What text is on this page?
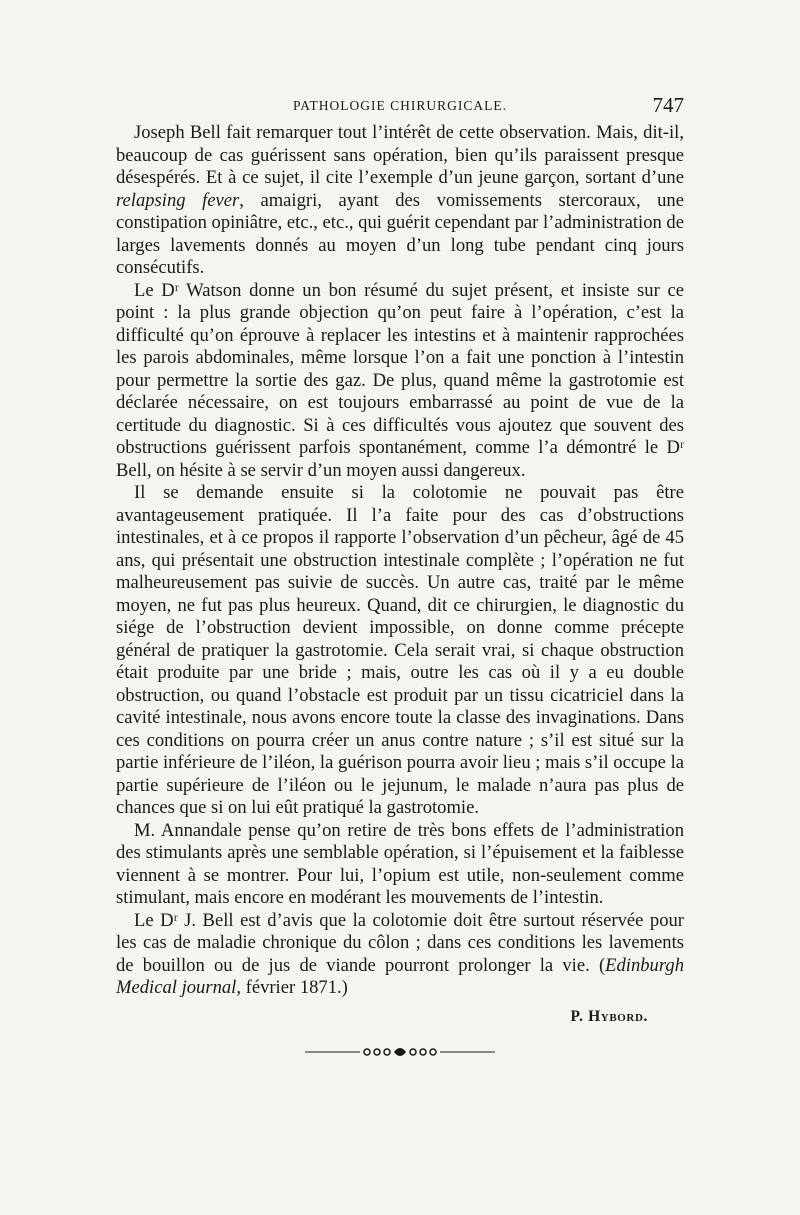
PATHOLOGIE CHIRURGICALE.	747

Joseph Bell fait remarquer tout l’intérêt de cette observation. Mais, dit-il, beaucoup de cas guérissent sans opération, bien qu’ils paraissent presque désespérés. Et à ce sujet, il cite l’exemple d’un jeune garçon, sortant d’une relapsing fever, amaigri, ayant des vomissements stercoraux, une constipation opiniâtre, etc., etc., qui guérit cependant par l’administration de larges lavements donnés au moyen d’un long tube pendant cinq jours consécutifs.

Le Dʳ Watson donne un bon résumé du sujet présent, et insiste sur ce point : la plus grande objection qu’on peut faire à l’opération, c’est la difficulté qu’on éprouve à replacer les intestins et à maintenir rapprochées les parois abdominales, même lorsque l’on a fait une ponction à l’intestin pour permettre la sortie des gaz. De plus, quand même la gastrotomie est déclarée nécessaire, on est toujours embarrassé au point de vue de la certitude du diagnostic. Si à ces difficultés vous ajoutez que souvent des obstructions guérissent parfois spontanément, comme l’a démontré le Dʳ Bell, on hésite à se servir d’un moyen aussi dangereux.

Il se demande ensuite si la colotomie ne pouvait pas être avantageusement pratiquée. Il l’a faite pour des cas d’obstructions intestinales, et à ce propos il rapporte l’observation d’un pêcheur, âgé de 45 ans, qui présentait une obstruction intestinale complète ; l’opération ne fut malheureusement pas suivie de succès. Un autre cas, traité par le même moyen, ne fut pas plus heureux. Quand, dit ce chirurgien, le diagnostic du siége de l’obstruction devient impossible, on donne comme précepte général de pratiquer la gastrotomie. Cela serait vrai, si chaque obstruction était produite par une bride ; mais, outre les cas où il y a eu double obstruction, ou quand l’obstacle est produit par un tissu cicatriciel dans la cavité intestinale, nous avons encore toute la classe des invaginations. Dans ces conditions on pourra créer un anus contre nature ; s’il est situé sur la partie inférieure de l’iléon, la guérison pourra avoir lieu ; mais s’il occupe la partie supérieure de l’iléon ou le jejunum, le malade n’aura pas plus de chances que si on lui eût pratiqué la gastrotomie.

M. Annandale pense qu’on retire de très bons effets de l’administration des stimulants après une semblable opération, si l’épuisement et la faiblesse viennent à se montrer. Pour lui, l’opium est utile, non-seulement comme stimulant, mais encore en modérant les mouvements de l’intestin.

Le Dʳ J. Bell est d’avis que la colotomie doit être surtout réservée pour les cas de maladie chronique du côlon ; dans ces conditions les lavements de bouillon ou de jus de viande pourront prolonger la vie. (Edinburgh Medical journal, février 1871.)

P. Hybord.
